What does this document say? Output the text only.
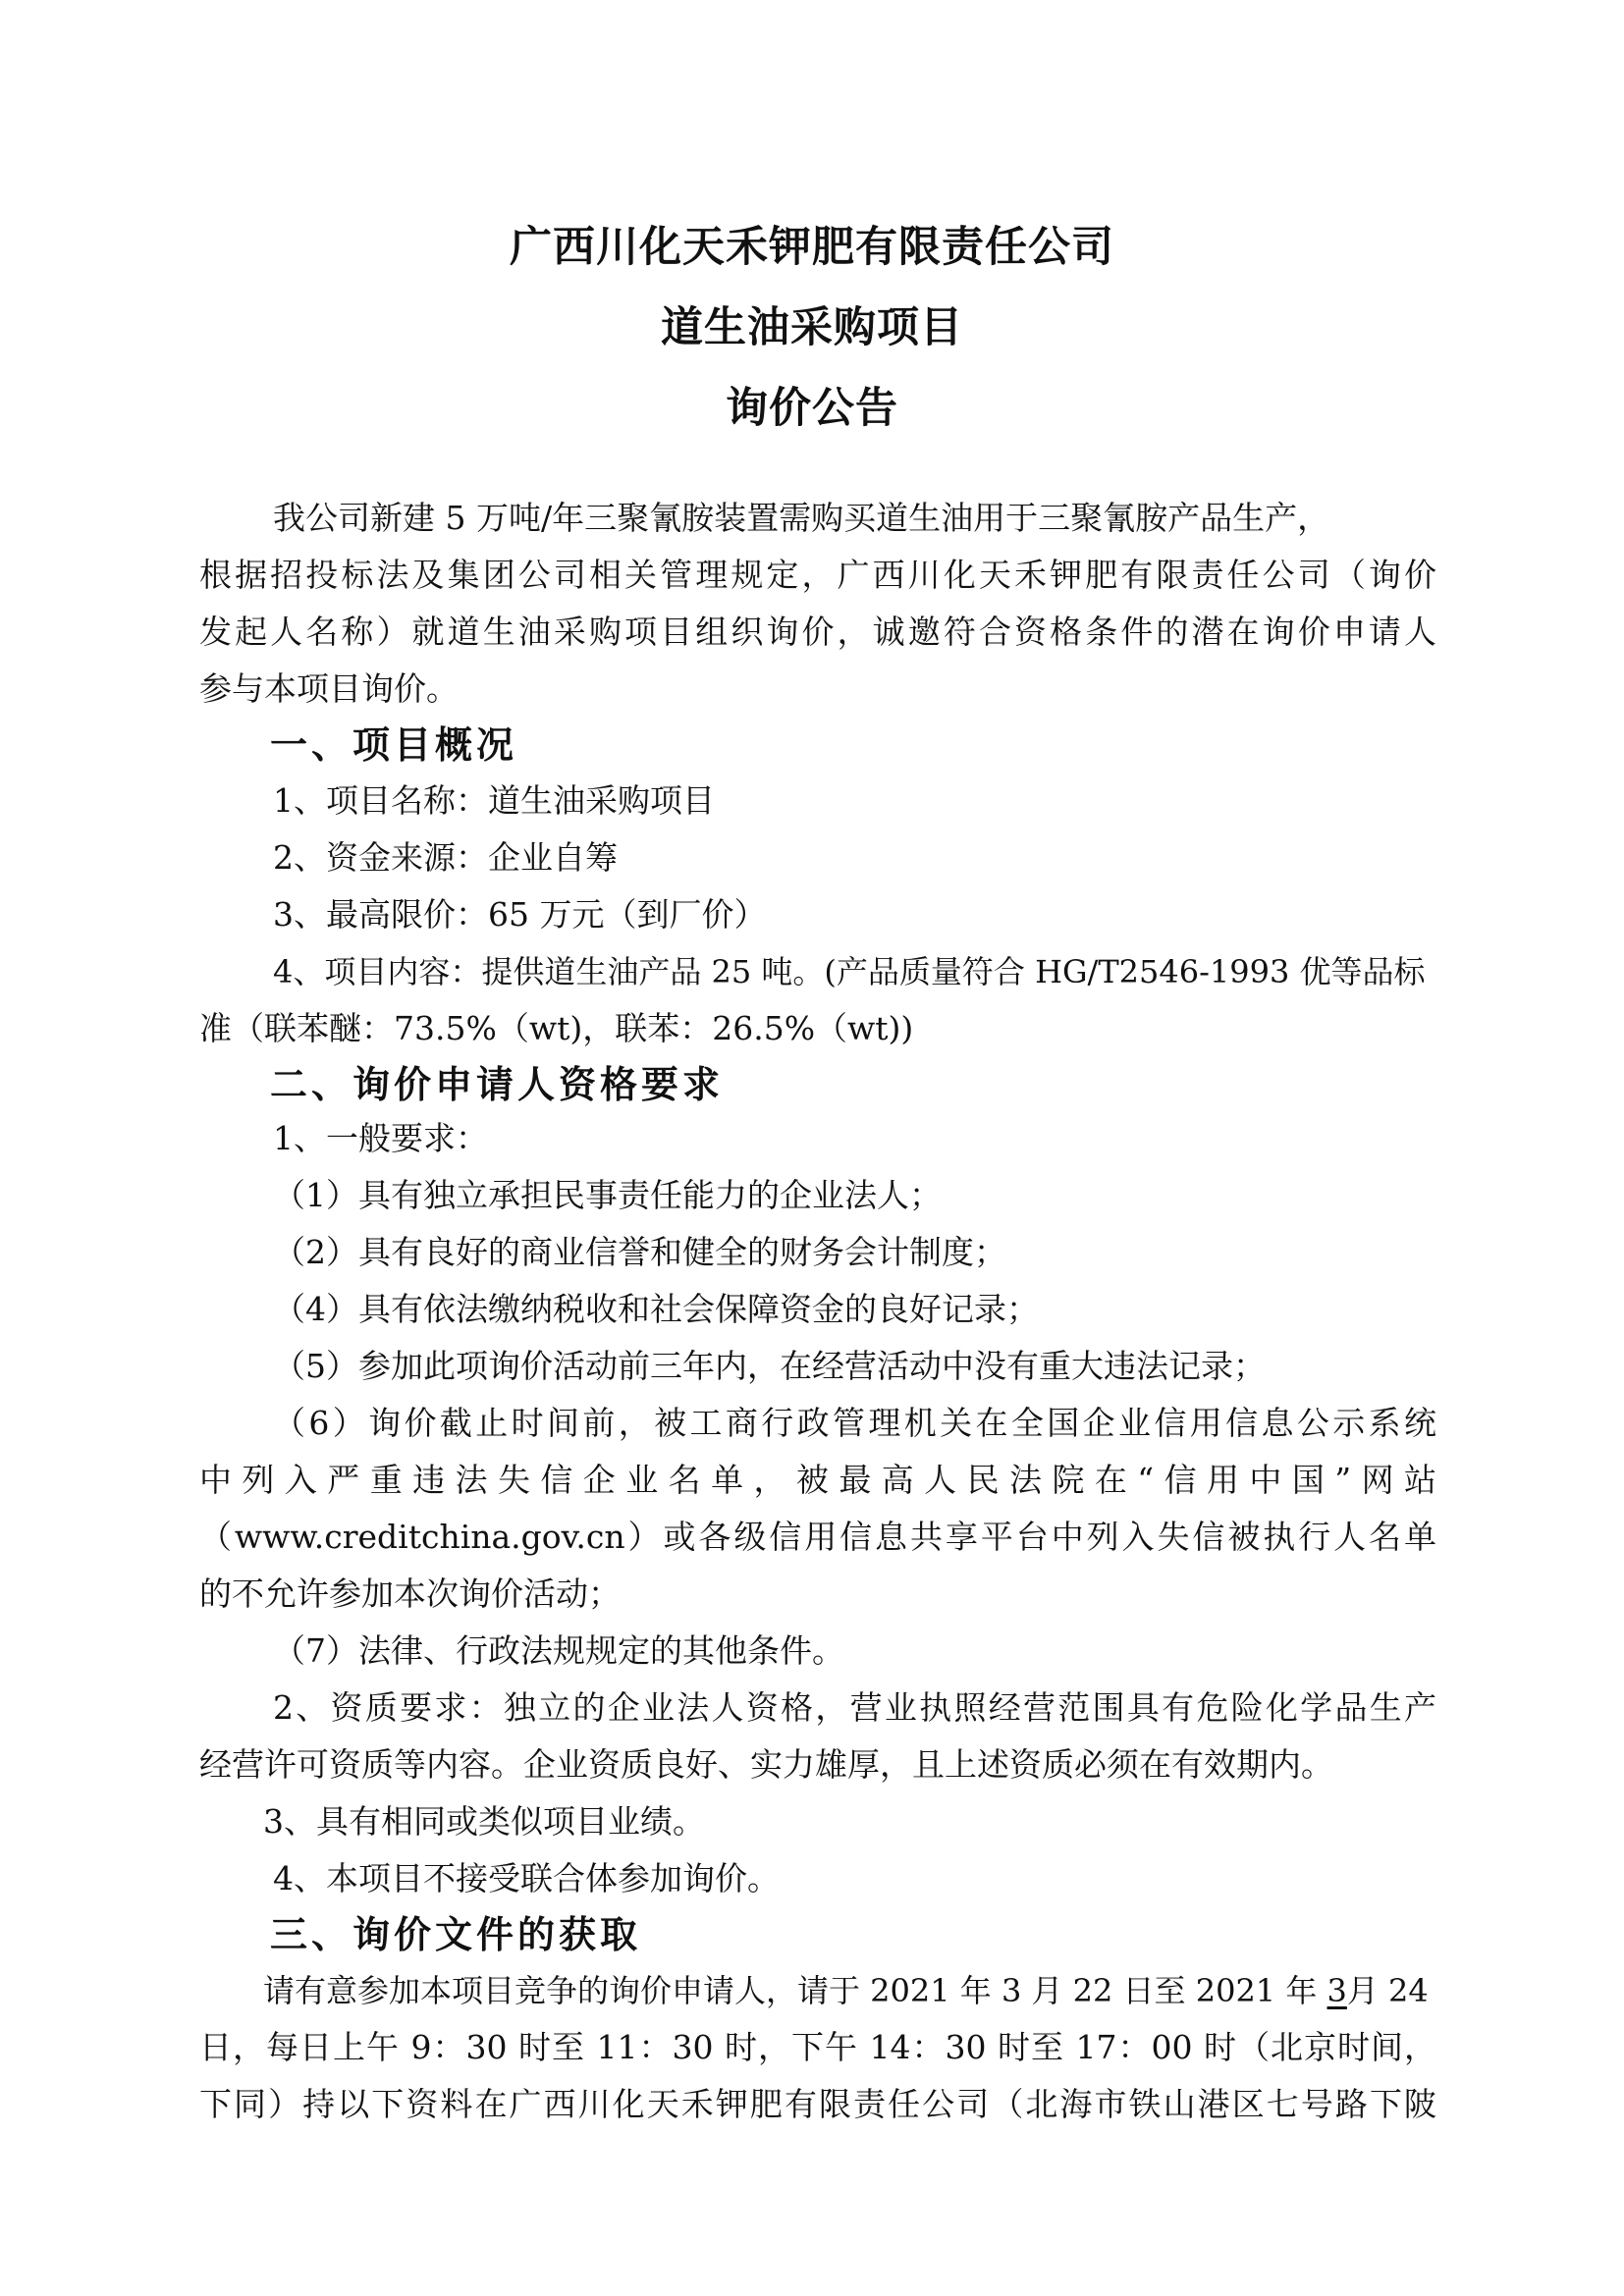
广西川化天禾钾肥有限责任公司
道生油采购项目
询价公告
我公司新建 5 万吨/年三聚氰胺装置需购买道生油用于三聚氰胺产品生产，
根据招投标法及集团公司相关管理规定，广西川化天禾钾肥有限责任公司（询价
发起人名称）就道生油采购项目组织询价，诚邀符合资格条件的潜在询价申请人
参与本项目询价。
一、项目概况
1、项目名称：道生油采购项目
2、资金来源：企业自筹
3、最高限价：65 万元（到厂价）
4、项目内容：提供道生油产品 25 吨。(产品质量符合 HG/T2546-1993 优等品标
准（联苯醚：73.5%（wt)，联苯：26.5%（wt))
二、询价申请人资格要求
1、一般要求：
（1）具有独立承担民事责任能力的企业法人；
（2）具有良好的商业信誉和健全的财务会计制度；
（4）具有依法缴纳税收和社会保障资金的良好记录；
（5）参加此项询价活动前三年内，在经营活动中没有重大违法记录；
（6）询价截止时间前，被工商行政管理机关在全国企业信用信息公示系统
中列入严重违法失信企业名单，被最高人民法院在“信用中国”网站
（www.creditchina.gov.cn）或各级信用信息共享平台中列入失信被执行人名单
的不允许参加本次询价活动；
（7）法律、行政法规规定的其他条件。
2、资质要求：独立的企业法人资格，营业执照经营范围具有危险化学品生产
经营许可资质等内容。企业资质良好、实力雄厚，且上述资质必须在有效期内。
3、具有相同或类似项目业绩。
4、本项目不接受联合体参加询价。
三、询价文件的获取
请有意参加本项目竞争的询价申请人，请于 2021 年 3 月 22 日至 2021 年 3月 24
日，每日上午 9：30 时至 11：30 时，下午 14：30 时至 17：00 时（北京时间，
下同）持以下资料在广西川化天禾钾肥有限责任公司（北海市铁山港区七号路下陂
